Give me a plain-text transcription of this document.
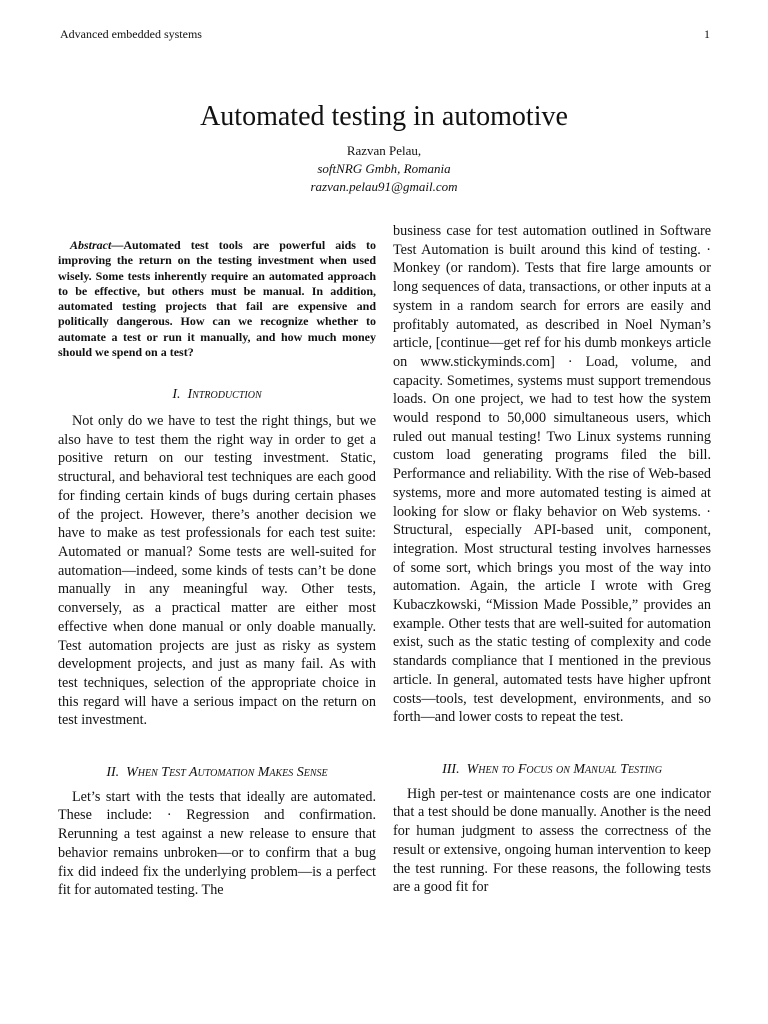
Advanced embedded systems	1
Automated testing in automotive
Razvan Pelau,
softNRG Gmbh, Romania
razvan.pelau91@gmail.com

Abstract—Automated test tools are powerful aids to improving the return on the testing investment when used wisely. Some tests inherently require an automated approach to be effective, but others must be manual. In addition, automated testing projects that fail are expensive and politically dangerous. How can we recognize whether to automate a test or run it manually, and how much money should we spend on a test?

I. Introduction

Not only do we have to test the right things, but we also have to test them the right way in order to get a positive return on our testing investment. Static, structural, and behavioral test techniques are each good for finding certain kinds of bugs during certain phases of the project. However, there’s another decision we have to make as test professionals for each test suite: Automated or manual? Some tests are well-suited for automation—indeed, some kinds of tests can’t be done manually in any meaningful way. Other tests, conversely, as a practical matter are either most effective when done manual or only doable manually. Test automation projects are just as risky as system development projects, and just as many fail. As with test techniques, selection of the appropriate choice in this regard will have a serious impact on the return on test investment.

II. When Test Automation Makes Sense

Let’s start with the tests that ideally are automated. These include: · Regression and confirmation. Rerunning a test against a new release to ensure that behavior remains unbroken—or to confirm that a bug fix did indeed fix the underlying problem—is a perfect fit for automated testing. The

business case for test automation outlined in Software Test Automation is built around this kind of testing. · Monkey (or random). Tests that fire large amounts or long sequences of data, transactions, or other inputs at a system in a random search for errors are easily and profitably automated, as described in Noel Nyman’s article, [continue—get ref for his dumb monkeys article on www.stickyminds.com] · Load, volume, and capacity. Sometimes, systems must support tremendous loads. On one project, we had to test how the system would respond to 50,000 simultaneous users, which ruled out manual testing! Two Linux systems running custom load generating programs filed the bill. Performance and reliability. With the rise of Web-based systems, more and more automated testing is aimed at looking for slow or flaky behavior on Web systems. · Structural, especially API-based unit, component, integration. Most structural testing involves harnesses of some sort, which brings you most of the way into automation. Again, the article I wrote with Greg Kubaczkowski, “Mission Made Possible,” provides an example. Other tests that are well-suited for automation exist, such as the static testing of complexity and code standards compliance that I mentioned in the previous article. In general, automated tests have higher upfront costs—tools, test development, environments, and so forth—and lower costs to repeat the test.

III. When to Focus on Manual Testing

High per-test or maintenance costs are one indicator that a test should be done manually. Another is the need for human judgment to assess the correctness of the result or extensive, ongoing human intervention to keep the test running. For these reasons, the following tests are a good fit for
